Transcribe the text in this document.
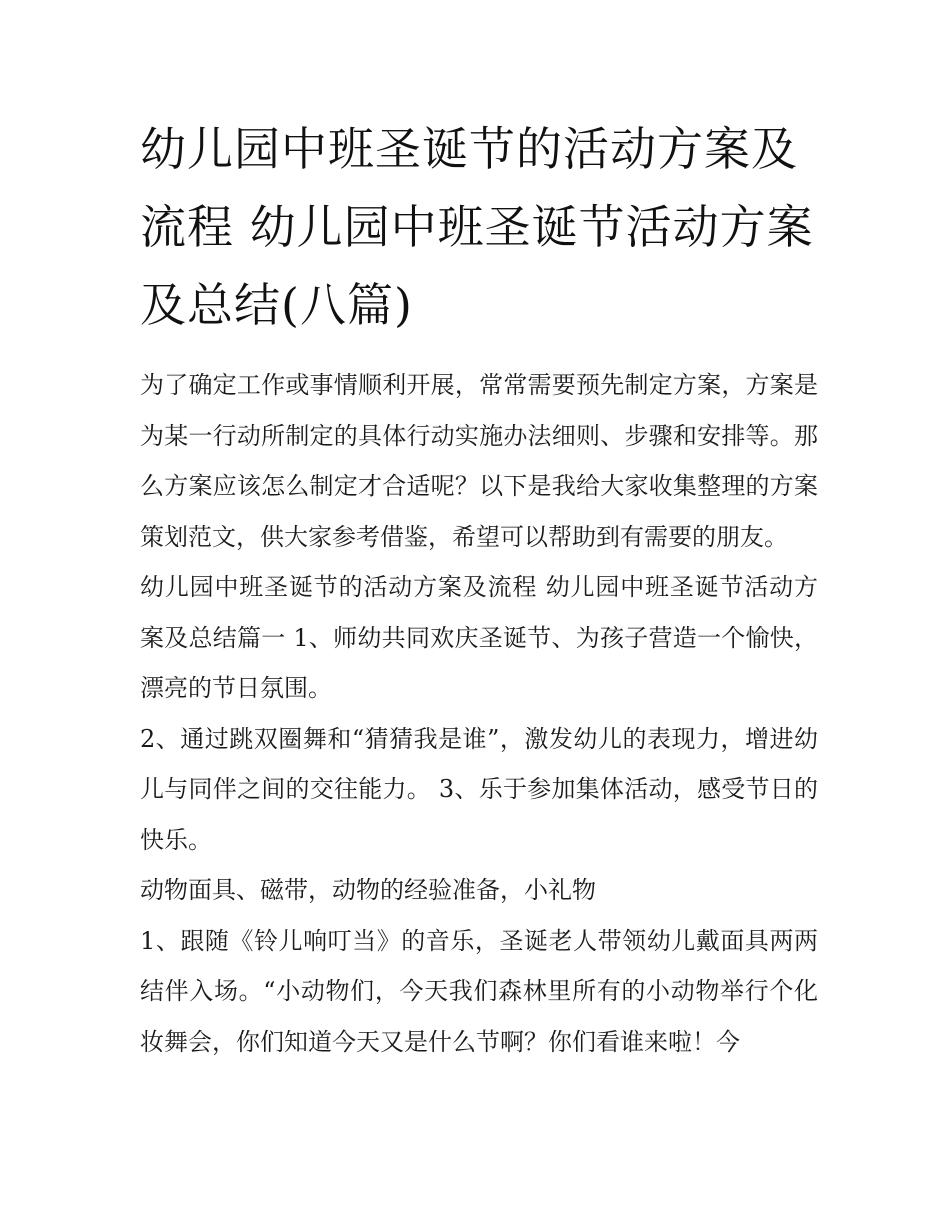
幼儿园中班圣诞节的活动方案及流程 幼儿园中班圣诞节活动方案及总结(八篇)

为了确定工作或事情顺利开展，常常需要预先制定方案，方案是为某一行动所制定的具体行动实施办法细则、步骤和安排等。那么方案应该怎么制定才合适呢？以下是我给大家收集整理的方案策划范文，供大家参考借鉴，希望可以帮助到有需要的朋友。

幼儿园中班圣诞节的活动方案及流程 幼儿园中班圣诞节活动方案及总结篇一 1、师幼共同欢庆圣诞节、为孩子营造一个愉快，漂亮的节日氛围。

2、通过跳双圈舞和“猜猜我是谁”，激发幼儿的表现力，增进幼儿与同伴之间的交往能力。 3、乐于参加集体活动，感受节日的快乐。

动物面具、磁带，动物的经验准备，小礼物

1、跟随《铃儿响叮当》的音乐，圣诞老人带领幼儿戴面具两两结伴入场。“小动物们，今天我们森林里所有的小动物举行个化妆舞会，你们知道今天又是什么节啊？你们看谁来啦！今
